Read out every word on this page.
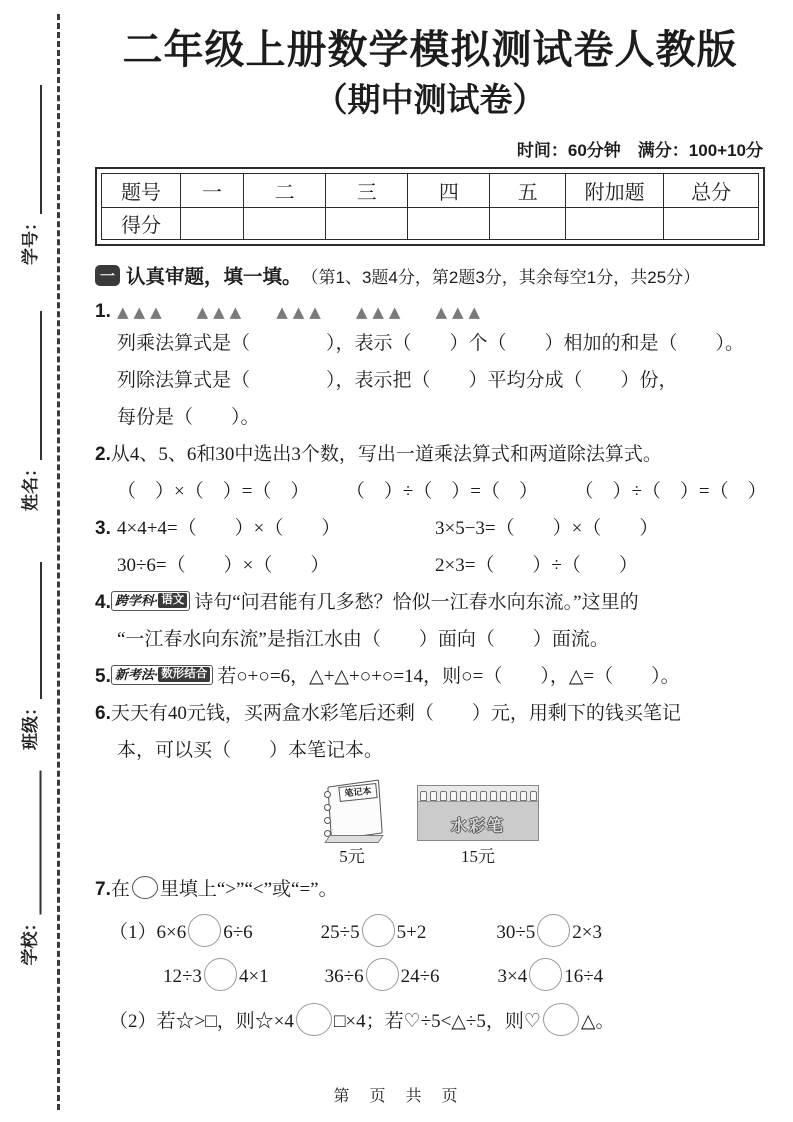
学号：
姓名：
班级：
学校：
二年级上册数学模拟测试卷人教版
（期中测试卷）
时间：60分钟　满分：100+10分
题号	一	二	三	四	五	附加题	总分
得分							
一 认真审题，填一填。 （第1、3题4分，第2题3分，其余每空1分，共25分）
1. ▲▲▲ ▲▲▲ ▲▲▲ ▲▲▲ ▲▲▲
列乘法算式是（　　　　），表示（　　）个（　　）相加的和是（　　）。
列除法算式是（　　　　），表示把（　　）平均分成（　　）份，
每份是（　　）。
2.从4、5、6和30中选出3个数，写出一道乘法算式和两道除法算式。
（　）×（　）=（　） （　）÷（　）=（　） （　）÷（　）=（　）
3. 4×4+4=（　　）×（　　）	3×5−3=（　　）×（　　）
30÷6=（　　）×（　　）	2×3=（　　）÷（　　）
4. 跨学科· 语文 诗句“问君能有几多愁？恰似一江春水向东流。”这里的
“一江春水向东流”是指江水由（　　）面向（　　）面流。
5. 新考法· 数形结合 若○+○=6，△+△+○+○=14，则○=（　　），△=（　　）。
6.天天有40元钱，买两盒水彩笔后还剩（　　）元，用剩下的钱买笔记
本，可以买（　　）本笔记本。
笔记本
5元
水彩笔
15元
7.在 里填上“>”“<”或“=”。
（1）6×6 6÷6	25÷5 5+2	30÷5 2×3
12÷3 4×1	36÷6 24÷6	3×4 16÷4
（2）若☆>□，则☆×4 □×4；若♡÷5<△÷5，则♡ △。
第　页　共　页
